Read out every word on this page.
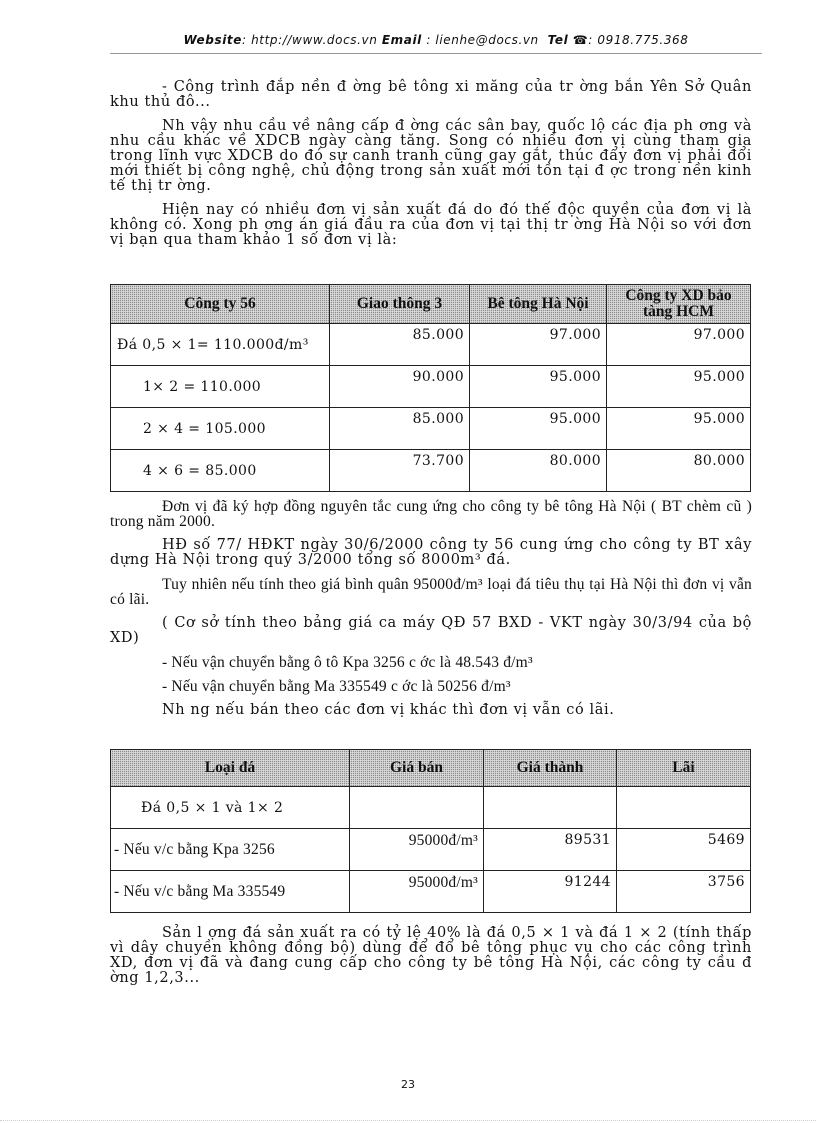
Website: http://www.docs.vn Email : lienhe@docs.vn Tel ☎: 0918.775.368

- Công trình đắp nền đ ờng bê tông xi măng của tr ờng bắn Yên Sở Quân khu thủ đô...

Nh vậy nhu cầu về nâng cấp đ ờng các sân bay, quốc lộ các địa ph ơng và nhu cầu khác về XDCB ngày càng tăng. Song có nhiều đơn vị cùng tham gia trong lĩnh vực XDCB do đó sự canh tranh cũng gay gắt, thúc đẩy đơn vị phải đổi mới thiết bị công nghệ, chủ động trong sản xuất mới tồn tại đ ợc trong nền kinh tế thị tr ờng.

Hiện nay có nhiều đơn vị sản xuất đá do đó thế độc quyền của đơn vị là không có. Xong ph ơng án giá đầu ra của đơn vị tại thị tr ờng Hà Nội so với đơn vị bạn qua tham khảo 1 số đơn vị là:

Công ty 56	Giao thông 3	Bê tông Hà Nội	Công ty XD bảo tàng HCM
Đá 0,5 × 1= 110.000đ/m³	85.000	97.000	97.000
1× 2 = 110.000	90.000	95.000	95.000
2 × 4 = 105.000	85.000	95.000	95.000
4 × 6 = 85.000	73.700	80.000	80.000

Đơn vị đã ký hợp đồng nguyên tắc cung ứng cho công ty bê tông Hà Nội ( BT chèm cũ ) trong năm 2000.

HĐ số 77/ HĐKT ngày 30/6/2000 công ty 56 cung ứng cho công ty BT xây dựng Hà Nội trong quý 3/2000 tổng số 8000m³ đá.

Tuy nhiên nếu tính theo giá bình quân 95000đ/m³ loại đá tiêu thụ tại Hà Nội thì đơn vị vẫn có lãi.

( Cơ sở tính theo bảng giá ca máy QĐ 57 BXD - VKT ngày 30/3/94 của bộ XD)

- Nếu vận chuyển bằng ô tô Kpa 3256 c ớc là 48.543 đ/m³

- Nếu vận chuyển bằng Ma 335549 c ớc là 50256 đ/m³

Nh ng nếu bán theo các đơn vị khác thì đơn vị vẫn có lãi.

Loại đá	Giá bán	Giá thành	Lãi
Đá 0,5 × 1 và 1× 2			
- Nếu v/c bằng Kpa 3256	95000đ/m³	89531	5469
- Nếu v/c bằng Ma 335549	95000đ/m³	91244	3756

Sản l ợng đá sản xuất ra có tỷ lệ 40% là đá 0,5 × 1 và đá 1 × 2 (tính thấp vì dây chuyền không đồng bộ) dùng để đổ bê tông phục vụ cho các công trình XD, đơn vị đã và đang cung cấp cho công ty bê tông Hà Nội, các công ty cầu đ ờng 1,2,3...

23
